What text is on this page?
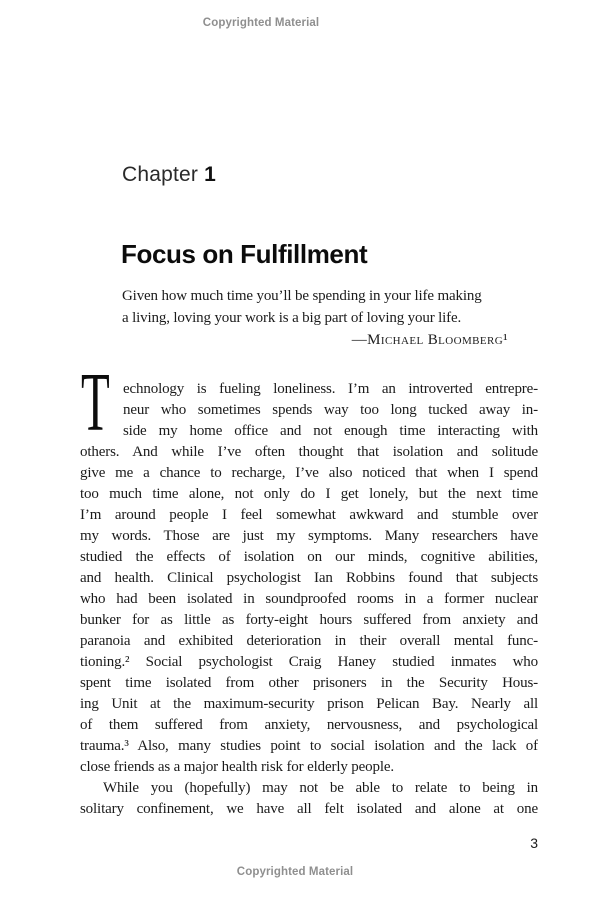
Copyrighted Material
Chapter 1
Focus on Fulfillment
Given how much time you’ll be spending in your life making
a living, loving your work is a big part of loving your life.
—Michael Bloomberg¹
T echnology is fueling loneliness. I’m an introverted entrepre-
neur who sometimes spends way too long tucked away in-
side my home office and not enough time interacting with
others. And while I’ve often thought that isolation and solitude
give me a chance to recharge, I’ve also noticed that when I spend
too much time alone, not only do I get lonely, but the next time
I’m around people I feel somewhat awkward and stumble over
my words. Those are just my symptoms. Many researchers have
studied the effects of isolation on our minds, cognitive abilities,
and health. Clinical psychologist Ian Robbins found that subjects
who had been isolated in soundproofed rooms in a former nuclear
bunker for as little as forty-eight hours suffered from anxiety and
paranoia and exhibited deterioration in their overall mental func-
tioning.² Social psychologist Craig Haney studied inmates who
spent time isolated from other prisoners in the Security Hous-
ing Unit at the maximum-security prison Pelican Bay. Nearly all
of them suffered from anxiety, nervousness, and psychological
trauma.³ Also, many studies point to social isolation and the lack of
close friends as a major health risk for elderly people.
While you (hopefully) may not be able to relate to being in
solitary confinement, we have all felt isolated and alone at one
3
Copyrighted Material
